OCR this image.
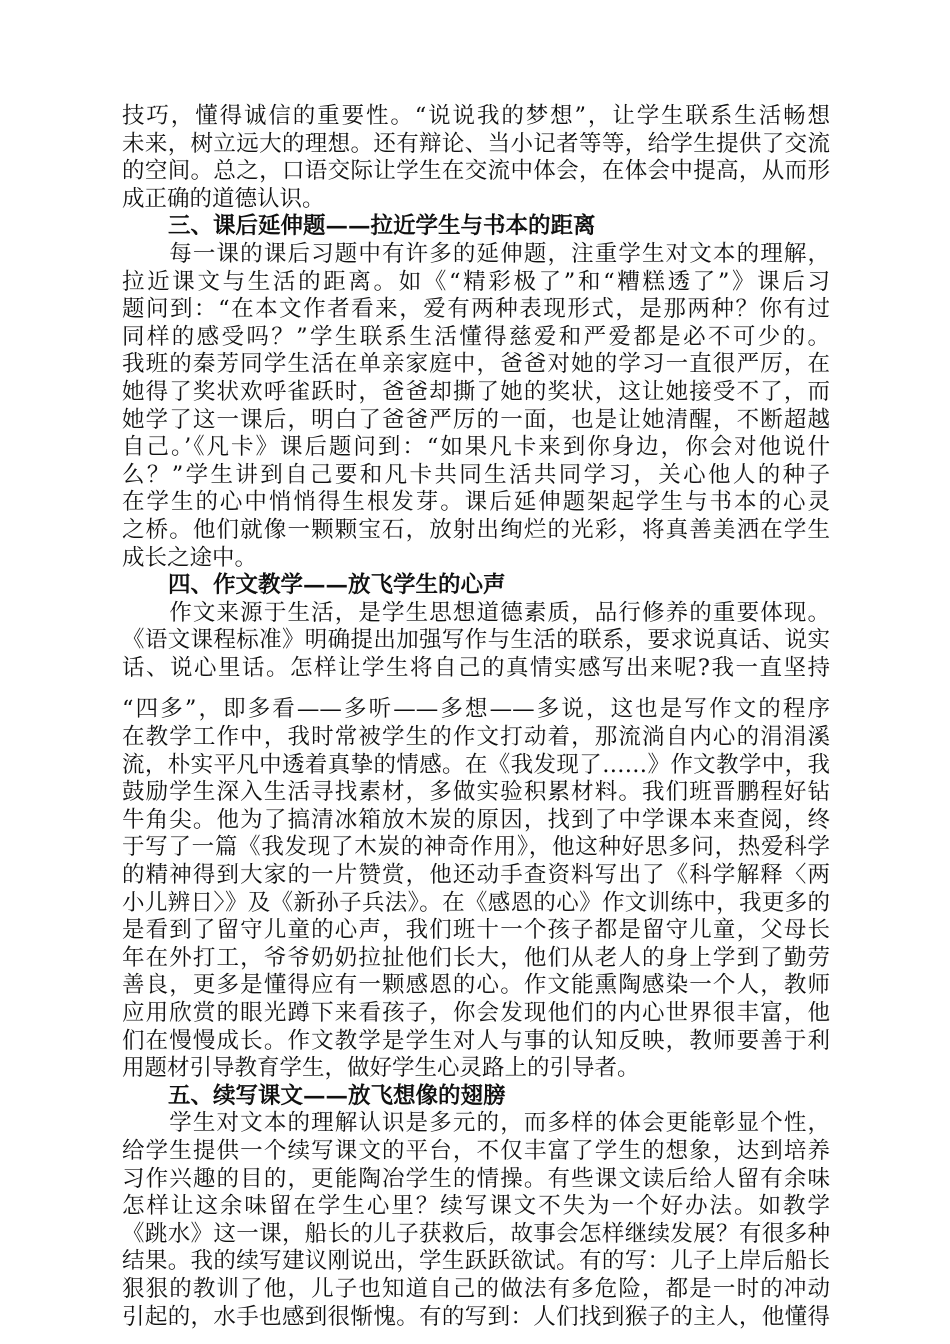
技巧，懂得诚信的重要性。“说说我的梦想”，让学生联系生活畅想
未来，树立远大的理想。还有辩论、当小记者等等，给学生提供了交流
的空间。总之，口语交际让学生在交流中体会，在体会中提高，从而形
成正确的道德认识。
三、课后延伸题——拉近学生与书本的距离
　　每一课的课后习题中有许多的延伸题，注重学生对文本的理解，
拉近课文与生活的距离。如《“精彩极了”和“糟糕透了”》课后习
题问到：“在本文作者看来，爱有两种表现形式，是那两种？你有过
同样的感受吗？”学生联系生活懂得慈爱和严爱都是必不可少的。
我班的秦芳同学生活在单亲家庭中，爸爸对她的学习一直很严厉，在
她得了奖状欢呼雀跃时，爸爸却撕了她的奖状，这让她接受不了，而
她学了这一课后，明白了爸爸严厉的一面，也是让她清醒，不断超越
自己。’《凡卡》课后题问到：“如果凡卡来到你身边，你会对他说什
么？”学生讲到自己要和凡卡共同生活共同学习，关心他人的种子
在学生的心中悄悄得生根发芽。课后延伸题架起学生与书本的心灵
之桥。他们就像一颗颗宝石，放射出绚烂的光彩，将真善美洒在学生
成长之途中。
四、作文教学——放飞学生的心声
　　作文来源于生活，是学生思想道德素质，品行修养的重要体现。
《语文课程标准》明确提出加强写作与生活的联系，要求说真话、说实
话、说心里话。怎样让学生将自己的真情实感写出来呢?我一直坚持
“四多”，即多看——多听——多想——多说，这也是写作文的程序
在教学工作中，我时常被学生的作文打动着，那流淌自内心的涓涓溪
流，朴实平凡中透着真挚的情感。在《我发现了……》作文教学中，我
鼓励学生深入生活寻找素材，多做实验积累材料。我们班晋鹏程好钻
牛角尖。他为了搞清冰箱放木炭的原因，找到了中学课本来查阅，终
于写了一篇《我发现了木炭的神奇作用》，他这种好思多问，热爱科学
的精神得到大家的一片赞赏，他还动手查资料写出了《科学解释〈两
小儿辨日〉》及《新孙子兵法》。在《感恩的心》作文训练中，我更多的
是看到了留守儿童的心声，我们班十一个孩子都是留守儿童，父母长
年在外打工，爷爷奶奶拉扯他们长大，他们从老人的身上学到了勤劳
善良，更多是懂得应有一颗感恩的心。作文能熏陶感染一个人，教师
应用欣赏的眼光蹲下来看孩子，你会发现他们的内心世界很丰富，他
们在慢慢成长。作文教学是学生对人与事的认知反映，教师要善于利
用题材引导教育学生，做好学生心灵路上的引导者。
五、续写课文——放飞想像的翅膀
　　学生对文本的理解认识是多元的，而多样的体会更能彰显个性，
给学生提供一个续写课文的平台，不仅丰富了学生的想象，达到培养
习作兴趣的目的，更能陶冶学生的情操。有些课文读后给人留有余味
怎样让这余味留在学生心里？续写课文不失为一个好办法。如教学
《跳水》这一课，船长的儿子获救后，故事会怎样继续发展？有很多种
结果。我的续写建议刚说出，学生跃跃欲试。有的写：儿子上岸后船长
狠狠的教训了他，儿子也知道自己的做法有多危险，都是一时的冲动
引起的，水手也感到很惭愧。有的写到：人们找到猴子的主人，他懂得
